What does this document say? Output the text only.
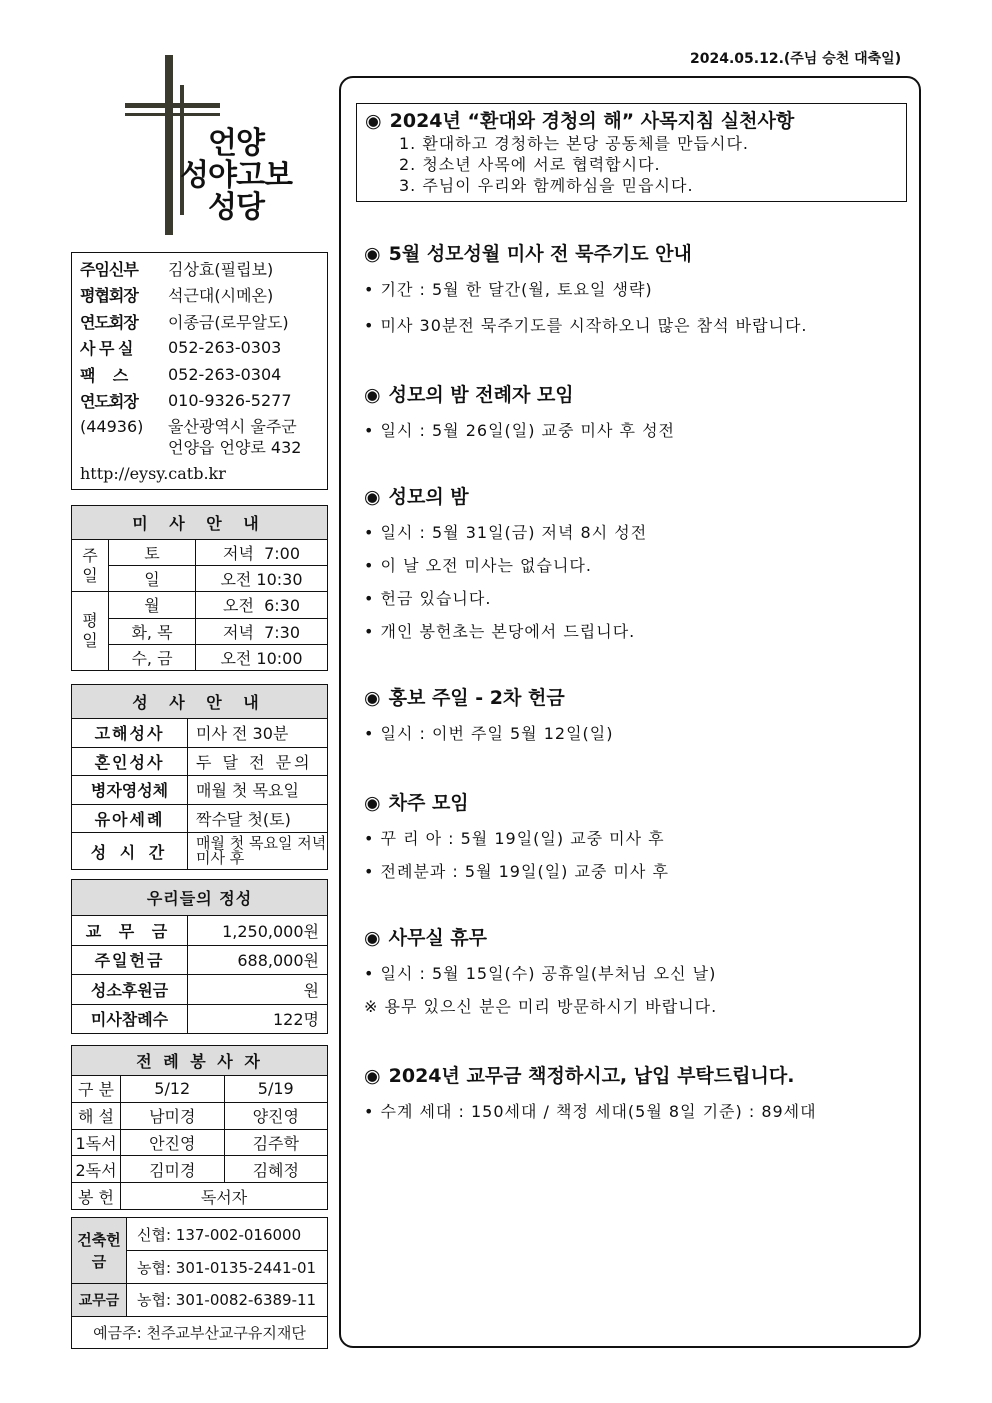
2024.05.12.(주님 승천 대축일)
언양
성야고보
성당
주임신부	김상효(필립보)
평협회장	석근대(시메온)
연도회장	이종금(로무알도)
사 무 실	052-263-0303
팩    스	052-263-0304
연도회장	010-9326-5277
(44936)	울산광역시 울주군
언양읍 언양로 432
http://eysy.catb.kr
미 사 안 내		
주일	토	저녁  7:00
	일	오전 10:30
평일	월	오전  6:30
	화, 목	저녁  7:30
	수, 금	오전 10:00
성 사 안 내	
고해성사	미사 전 30분
혼인성사	두 달 전 문의
병자영성체	매월 첫 목요일
유아세례	짝수달 첫(토)
성 시 간	매월 첫 목요일 저녁미사 후
우리들의 정성	
교 무 금	1,250,000원
주일헌금	688,000원
성소후원금	원
미사참례수	122명
전 례 봉 사 자		
구 분	5/12	5/19
해 설	남미경	양진영
1독서	안진영	김주학
2독서	김미경	김혜정
봉 헌	독서자	
건축헌금	신협: 137-002-016000
	농협: 301-0135-2441-01
교무금	농협: 301-0082-6389-11
예금주: 천주교부산교구유지재단	
◉ 2024년 “환대와 경청의 해” 사목지침 실천사항
1. 환대하고 경청하는 본당 공동체를 만듭시다.
2. 청소년 사목에 서로 협력합시다.
3. 주님이 우리와 함께하심을 믿읍시다.
◉ 5월 성모성월 미사 전 묵주기도 안내
• 기간 : 5월 한 달간(월, 토요일 생략)
• 미사 30분전 묵주기도를 시작하오니 많은 참석 바랍니다.
◉ 성모의 밤 전례자 모임
• 일시 : 5월 26일(일) 교중 미사 후 성전
◉ 성모의 밤
• 일시 : 5월 31일(금) 저녁 8시 성전
• 이 날 오전 미사는 없습니다.
• 헌금 있습니다.
• 개인 봉헌초는 본당에서 드립니다.
◉ 홍보 주일 - 2차 헌금
• 일시 : 이번 주일 5월 12일(일)
◉ 차주 모임
• 꾸 리 아 : 5월 19일(일) 교중 미사 후
• 전례분과 : 5월 19일(일) 교중 미사 후
◉ 사무실 휴무
• 일시 : 5월 15일(수) 공휴일(부처님 오신 날)
※ 용무 있으신 분은 미리 방문하시기 바랍니다.
◉ 2024년 교무금 책정하시고, 납입 부탁드립니다.
• 수계 세대 : 150세대 / 책정 세대(5월 8일 기준) : 89세대
